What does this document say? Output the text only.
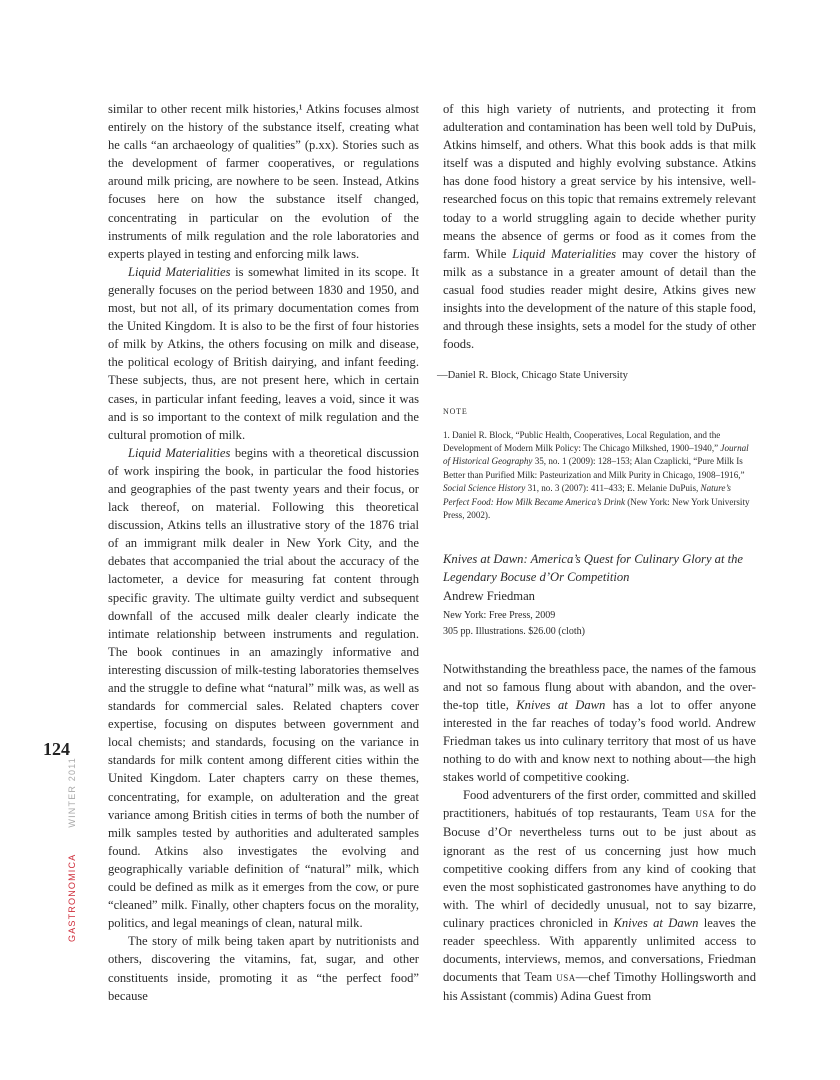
GASTRONOMICAWINTER 2011
124

similar to other recent milk histories,¹ Atkins focuses almost entirely on the history of the substance itself, creating what he calls “an archaeology of qualities” (p.xx). Stories such as the development of farmer cooperatives, or regulations around milk pricing, are nowhere to be seen. Instead, Atkins focuses here on how the substance itself changed, concentrating in particular on the evolution of the instruments of milk regulation and the role laboratories and experts played in testing and enforcing milk laws.

Liquid Materialities is somewhat limited in its scope. It generally focuses on the period between 1830 and 1950, and most, but not all, of its primary documentation comes from the United Kingdom. It is also to be the first of four histories of milk by Atkins, the others focusing on milk and disease, the political ecology of British dairying, and infant feeding. These subjects, thus, are not present here, which in certain cases, in particular infant feeding, leaves a void, since it was and is so important to the context of milk regulation and the cultural promotion of milk.

Liquid Materialities begins with a theoretical discussion of work inspiring the book, in particular the food histories and geographies of the past twenty years and their focus, or lack thereof, on material. Following this theoretical discussion, Atkins tells an illustrative story of the 1876 trial of an immigrant milk dealer in New York City, and the debates that accompanied the trial about the accuracy of the lactometer, a device for measuring fat content through specific gravity. The ultimate guilty verdict and subsequent downfall of the accused milk dealer clearly indicate the intimate relationship between instruments and regulation. The book continues in an amazingly informative and interesting discussion of milk-testing laboratories themselves and the struggle to define what “natural” milk was, as well as standards for commercial sales. Related chapters cover expertise, focusing on disputes between government and local chemists; and standards, focusing on the variance in standards for milk content among different cities within the United Kingdom. Later chapters carry on these themes, concentrating, for example, on adulteration and the great variance among British cities in terms of both the number of milk samples tested by authorities and adulterated samples found. Atkins also investigates the evolving and geographically variable definition of “natural” milk, which could be defined as milk as it emerges from the cow, or pure “cleaned” milk. Finally, other chapters focus on the morality, politics, and legal meanings of clean, natural milk.

The story of milk being taken apart by nutritionists and others, discovering the vitamins, fat, sugar, and other constituents inside, promoting it as “the perfect food” because

of this high variety of nutrients, and protecting it from adulteration and contamination has been well told by DuPuis, Atkins himself, and others. What this book adds is that milk itself was a disputed and highly evolving substance. Atkins has done food history a great service by his intensive, well-researched focus on this topic that remains extremely relevant today to a world struggling again to decide whether purity means the absence of germs or food as it comes from the farm. While Liquid Materialities may cover the history of milk as a substance in a greater amount of detail than the casual food studies reader might desire, Atkins gives new insights into the development of the nature of this staple food, and through these insights, sets a model for the study of other foods.

—Daniel R. Block, Chicago State University
NOTE
1. Daniel R. Block, “Public Health, Cooperatives, Local Regulation, and the Development of Modern Milk Policy: The Chicago Milkshed, 1900–1940,” Journal of Historical Geography 35, no. 1 (2009): 128–153; Alan Czaplicki, “Pure Milk Is Better than Purified Milk: Pasteurization and Milk Purity in Chicago, 1908–1916,” Social Science History 31, no. 3 (2007): 411–433; E. Melanie DuPuis, Nature’s Perfect Food: How Milk Became America’s Drink (New York: New York University Press, 2002).
Knives at Dawn: America’s Quest for Culinary Glory at the Legendary Bocuse d’Or Competition
Andrew Friedman
New York: Free Press, 2009
305 pp. Illustrations. $26.00 (cloth)

Notwithstanding the breathless pace, the names of the famous and not so famous flung about with abandon, and the over-the-top title, Knives at Dawn has a lot to offer anyone interested in the far reaches of today’s food world. Andrew Friedman takes us into culinary territory that most of us have nothing to do with and know next to nothing about—the high stakes world of competitive cooking.

Food adventurers of the first order, committed and skilled practitioners, habitués of top restaurants, Team USA for the Bocuse d’Or nevertheless turns out to be just about as ignorant as the rest of us concerning just how much competitive cooking differs from any kind of cooking that even the most sophisticated gastronomes have anything to do with. The whirl of decidedly unusual, not to say bizarre, culinary practices chronicled in Knives at Dawn leaves the reader speechless. With apparently unlimited access to documents, interviews, memos, and conversations, Friedman documents that Team USA—chef Timothy Hollingsworth and his Assistant (commis) Adina Guest from
